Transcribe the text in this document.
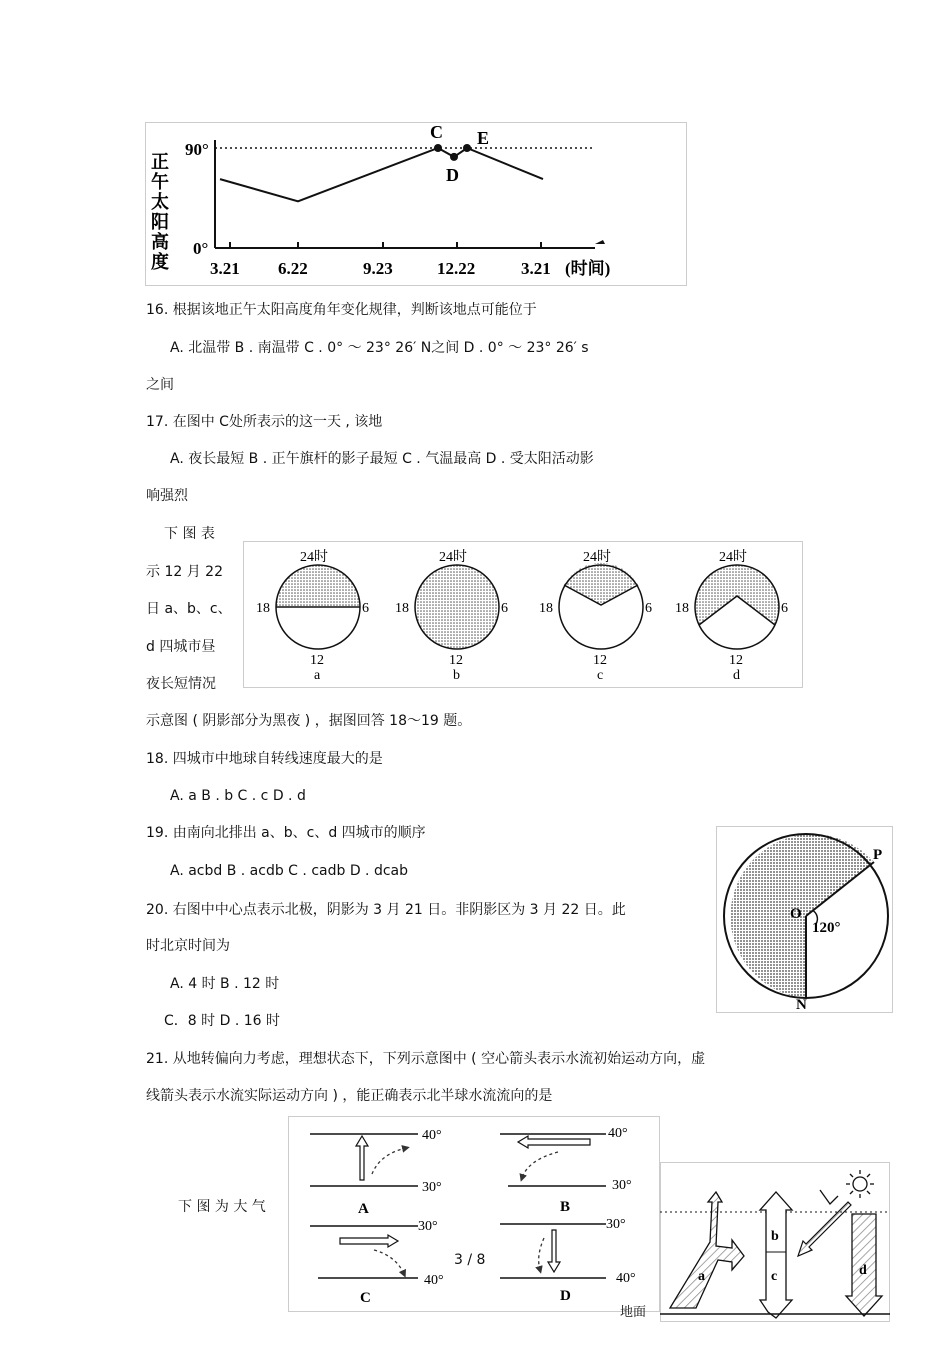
正午太阳高度
90°
0°
3.21 6.22	9.23	12.22	3.21
C
D
E
(时间)
16. 根据该地正午太阳高度角年变化规律，判断该地点可能位于
A. 北温带 B . 南温带 C . 0° ～ 23° 26′ N之间 D . 0° ～ 23° 26′ s
之间
17. 在图中 C处所表示的这一天 , 该地
A. 夜长最短 B . 正午旗杆的影子最短 C . 气温最高 D . 受太阳活动影
响强烈
下 图 表
示 12 月 22
日 a、b、c、
d 四城市昼
夜长短情况
示意图 ( 阴影部分为黑夜 ) ，据图回答 18～19 题。
24时
18	6
12
a
24时
18	6
12
b
24时
18	6
12
c
24时
18	6
12
d
18. 四城市中地球自转线速度最大的是
A. a B . b C . c D . d
19. 由南向北排出 a、b、c、d 四城市的顺序
A. acbd B . acdb C . cadb D . dcab
P
O
N
120°
20. 右图中中心点表示北极，阴影为 3 月 21 日。非阴影区为 3 月 22 日。此
时北京时间为
A. 4 时 B . 12 时
C．8 时 D . 16 时
21. 从地转偏向力考虑，理想状态下，下列示意图中 ( 空心箭头表示水流初始运动方向，虚
线箭头表示水流实际运动方向 ) ，能正确表示北半球水流流向的是
40°
30°
A
40°
30°
B
30°
40°
C
30°
40°
D
下 图 为 大 气
a
b
c	d
地面
3 / 8
